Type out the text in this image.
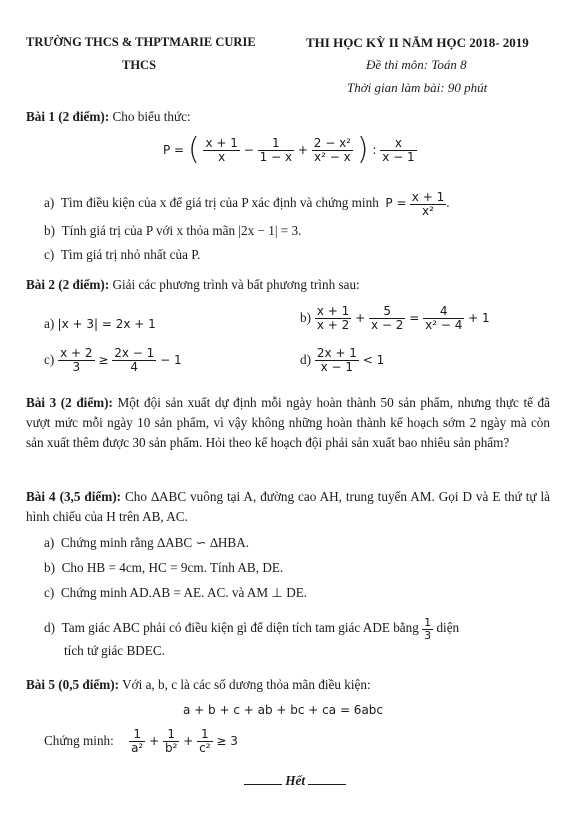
TRƯỜNG THCS & THPTMARIE CURIE
THCS
THI HỌC KỲ II NĂM HỌC 2018- 2019
Đề thi môn: Toán 8
Thời gian làm bài: 90 phút
Bài 1 (2 điểm): Cho biểu thức:
P = ( $\frac{x + 1}{x} - \frac{1}{1 - x} + \frac{\text{2 − x²}}{\text{x² − x}}$ ) : $\frac{x}{x - 1}$
a) Tìm điều kiện của x để giá trị của P xác định và chứng minh $P = \frac{x + 1}{\text{x²}}$ .
b) Tính giá trị của P với x thỏa mãn |2x − 1| = 3.
c) Tìm giá trị nhỏ nhất của P.
Bài 2 (2 điểm): Giải các phương trình và bất phương trình sau:
a) |x + 3| = 2x + 1	$b) \frac{x + 1}{x + 2} + \frac{5}{x - 2} = \frac{4}{\text{x² − 4}} + 1$
$c) \frac{x + 2}{3} \ge \frac{2x - 1}{4} - 1$	$d) \frac{2x + 1}{x - 1} < 1$
Bài 3 (2 điểm): Một đội sản xuất dự định mỗi ngày hoàn thành 50 sản phẩm, nhưng thực tế đã vượt mức mỗi ngày 10 sản phẩm, vì vậy không những hoàn thành kế hoạch sớm 2 ngày mà còn sản xuất thêm được 30 sản phẩm. Hỏi theo kế hoạch đội phải sản xuất bao nhiêu sản phẩm?
Bài 4 (3,5 điểm): Cho ∆ABC vuông tại A, đường cao AH, trung tuyến AM. Gọi D và E thứ tự là hình chiếu của H trên AB, AC.
a) Chứng minh rằng ∆ABC ∽ ∆HBA.
b) Cho HB = 4cm, HC = 9cm. Tính AB, DE.
c) Chứng minh AD.AB = AE. AC. và AM ⊥ DE.
d) Tam giác ABC phải có điều kiện gì để diện tích tam giác ADE bằng $\frac{1}{3}$ diện
tích tứ giác BDEC.
Bài 5 (0,5 điểm): Với a, b, c là các số dương thỏa mãn điều kiện:
a + b + c + ab + bc + ca = 6abc
Chứng minh: $\frac{1}{\text{a²}} + \frac{1}{\text{b²}} + \frac{1}{\text{c²}} \ge 3$
Hết
